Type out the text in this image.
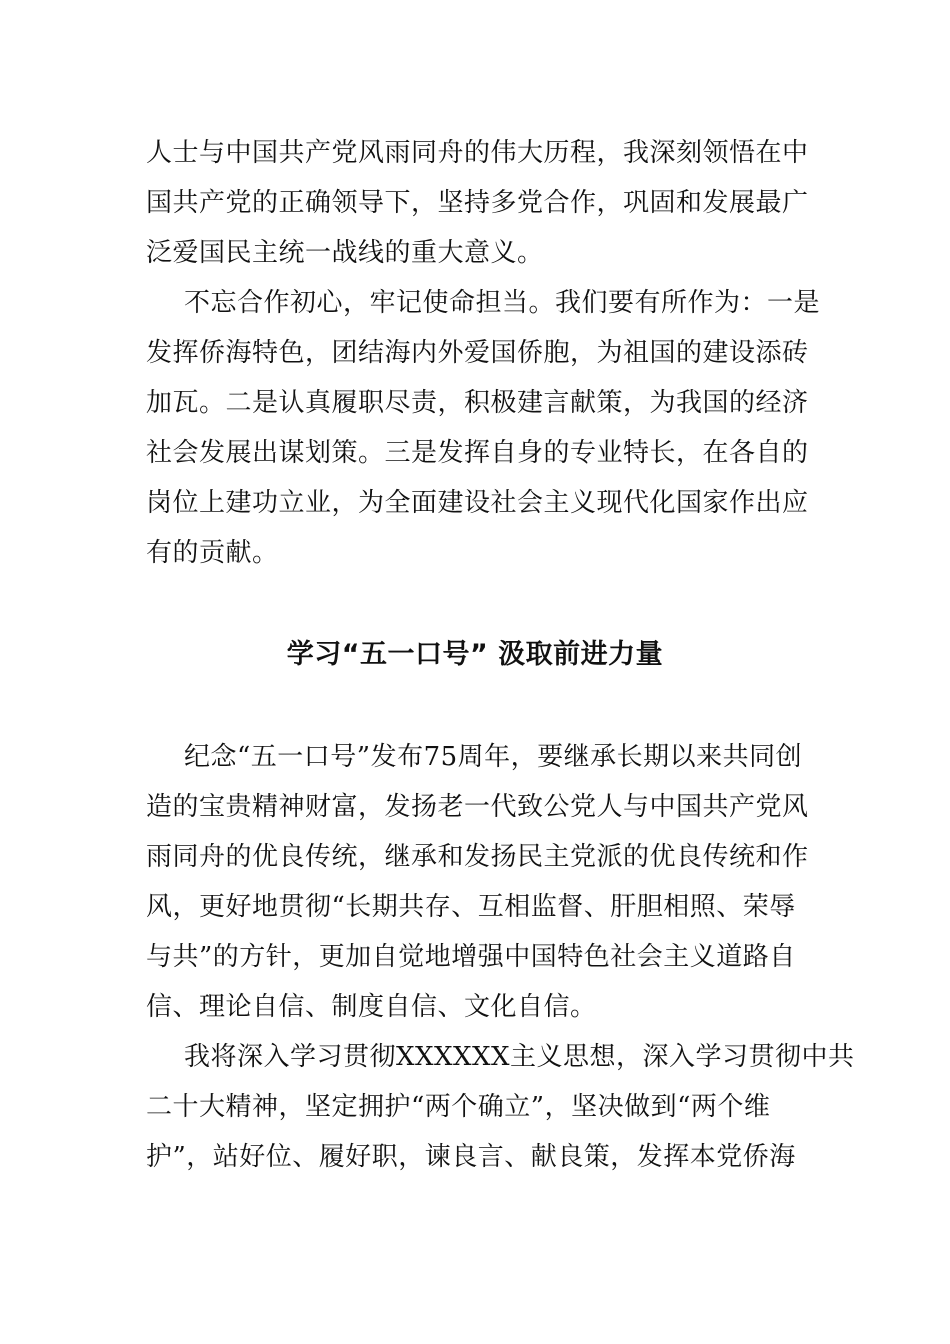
人士与中国共产党风雨同舟的伟大历程，我深刻领悟在中
国共产党的正确领导下，坚持多党合作，巩固和发展最广
泛爱国民主统一战线的重大意义。
不忘合作初心，牢记使命担当。我们要有所作为：一是
发挥侨海特色，团结海内外爱国侨胞，为祖国的建设添砖
加瓦。二是认真履职尽责，积极建言献策，为我国的经济
社会发展出谋划策。三是发挥自身的专业特长，在各自的
岗位上建功立业，为全面建设社会主义现代化国家作出应
有的贡献。
学习“五一口号” 汲取前进力量
纪念“五一口号”发布75周年，要继承长期以来共同创
造的宝贵精神财富，发扬老一代致公党人与中国共产党风
雨同舟的优良传统，继承和发扬民主党派的优良传统和作
风，更好地贯彻“长期共存、互相监督、肝胆相照、荣辱
与共”的方针，更加自觉地增强中国特色社会主义道路自
信、理论自信、制度自信、文化自信。
我将深入学习贯彻XXXXXX主义思想，深入学习贯彻中共
二十大精神，坚定拥护“两个确立”，坚决做到“两个维
护”，站好位、履好职，谏良言、献良策，发挥本党侨海
